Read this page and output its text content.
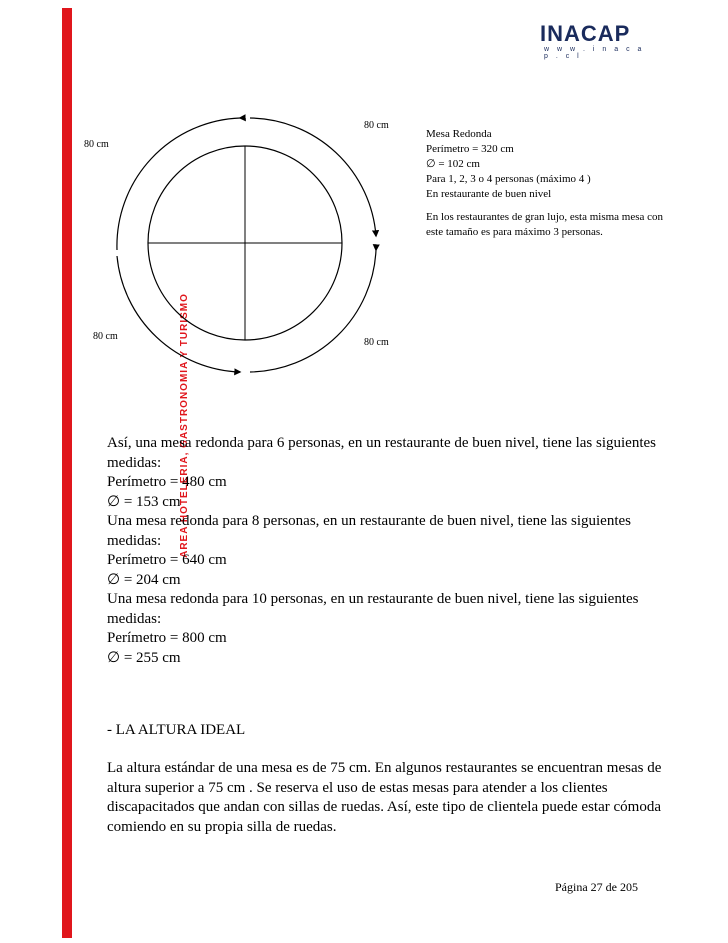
AREA HOTELERIA, GASTRONOMIA Y TURISMO
INACAP
w w w . i n a c a p . c l
80 cm
80 cm
80 cm
80 cm

Mesa Redonda

Perímetro = 320 cm

∅ = 102 cm

Para 1, 2, 3 o 4 personas (máximo 4 )

En restaurante de buen nivel

En los restaurantes de gran lujo, esta misma mesa con este tamaño es para máximo 3 personas.

Así, una mesa redonda para 6 personas, en un restaurante de buen nivel, tiene las siguientes medidas:

Perímetro = 480 cm

∅ = 153 cm

Una mesa redonda para 8 personas, en un restaurante de buen nivel, tiene las siguientes medidas:

Perímetro = 640 cm

∅ = 204 cm

Una mesa redonda para 10 personas, en un restaurante de buen nivel, tiene las siguientes medidas:

Perímetro = 800 cm

∅ = 255 cm

- LA ALTURA IDEAL

La altura estándar de una mesa es de 75 cm. En algunos restaurantes se encuentran mesas de altura superior a 75 cm . Se reserva el uso de estas mesas para atender a los clientes discapacitados que andan con sillas de ruedas. Así, este tipo de clientela puede estar cómoda comiendo en su propia silla de ruedas.

Página 27 de 205
